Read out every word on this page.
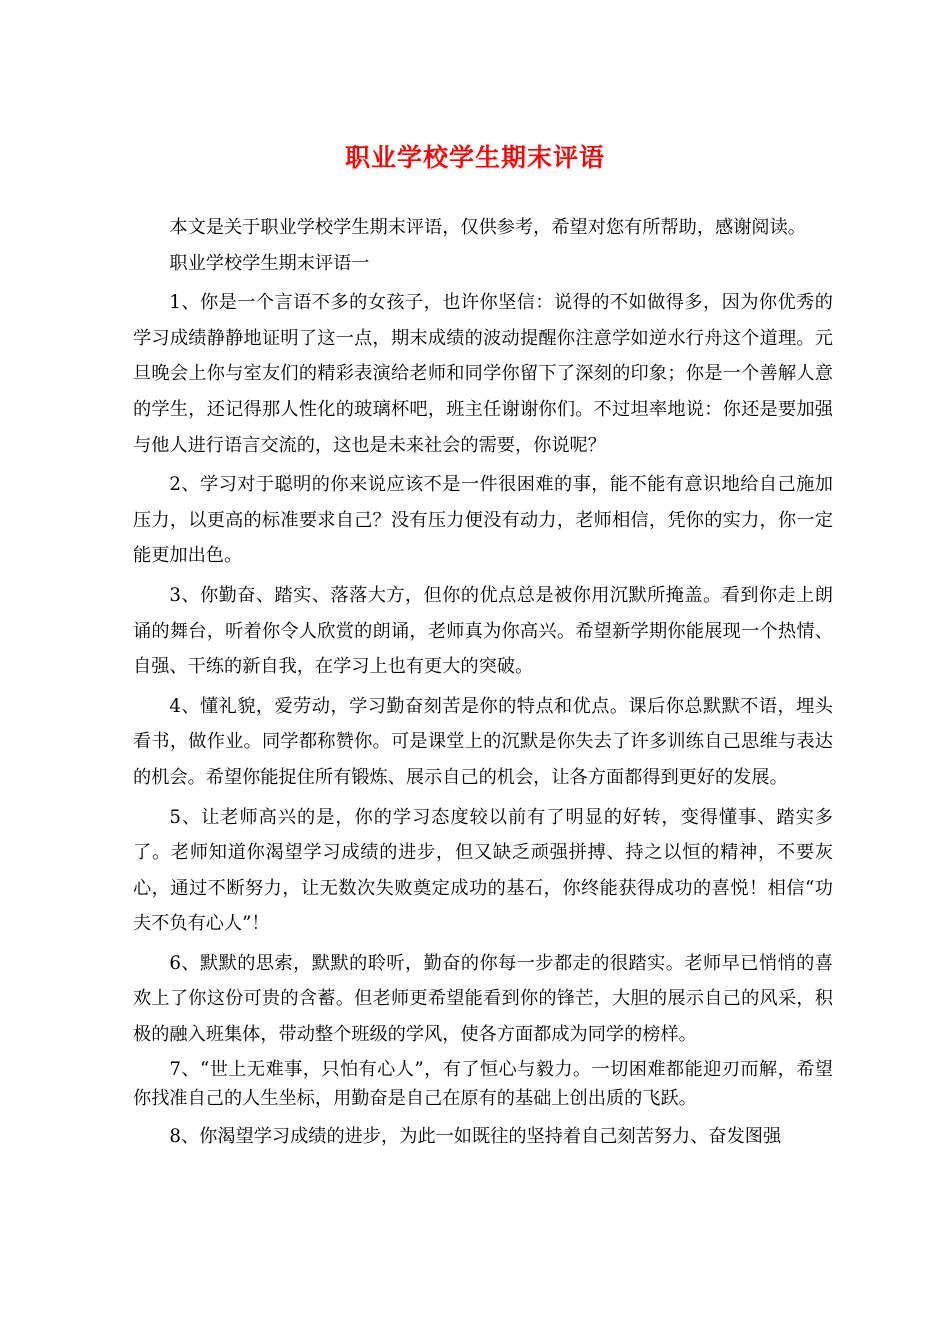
职业学校学生期末评语

本文是关于职业学校学生期末评语，仅供参考，希望对您有所帮助，感谢阅读。

职业学校学生期末评语一

1、你是一个言语不多的女孩子，也许你坚信：说得的不如做得多，因为你优秀的学习成绩静静地证明了这一点，期末成绩的波动提醒你注意学如逆水行舟这个道理。元旦晚会上你与室友们的精彩表演给老师和同学你留下了深刻的印象；你是一个善解人意的学生，还记得那人性化的玻璃杯吧，班主任谢谢你们。不过坦率地说：你还是要加强与他人进行语言交流的，这也是未来社会的需要，你说呢？

2、学习对于聪明的你来说应该不是一件很困难的事，能不能有意识地给自己施加压力，以更高的标准要求自己？没有压力便没有动力，老师相信，凭你的实力，你一定能更加出色。

3、你勤奋、踏实、落落大方，但你的优点总是被你用沉默所掩盖。看到你走上朗诵的舞台，听着你令人欣赏的朗诵，老师真为你高兴。希望新学期你能展现一个热情、自强、干练的新自我，在学习上也有更大的突破。

4、懂礼貌，爱劳动，学习勤奋刻苦是你的特点和优点。课后你总默默不语，埋头看书，做作业。同学都称赞你。可是课堂上的沉默是你失去了许多训练自己思维与表达的机会。希望你能捉住所有锻炼、展示自己的机会，让各方面都得到更好的发展。

5、让老师高兴的是，你的学习态度较以前有了明显的好转，变得懂事、踏实多了。老师知道你渴望学习成绩的进步，但又缺乏顽强拼搏、持之以恒的精神，不要灰心，通过不断努力，让无数次失败奠定成功的基石，你终能获得成功的喜悦！相信“功夫不负有心人”！

6、默默的思索，默默的聆听，勤奋的你每一步都走的很踏实。老师早已悄悄的喜欢上了你这份可贵的含蓄。但老师更希望能看到你的锋芒，大胆的展示自己的风采，积极的融入班集体，带动整个班级的学风，使各方面都成为同学的榜样。

7、“世上无难事，只怕有心人”，有了恒心与毅力。一切困难都能迎刃而解，希望你找准自己的人生坐标，用勤奋是自己在原有的基础上创出质的飞跃。

8、你渴望学习成绩的进步，为此一如既往的坚持着自己刻苦努力、奋发图强
